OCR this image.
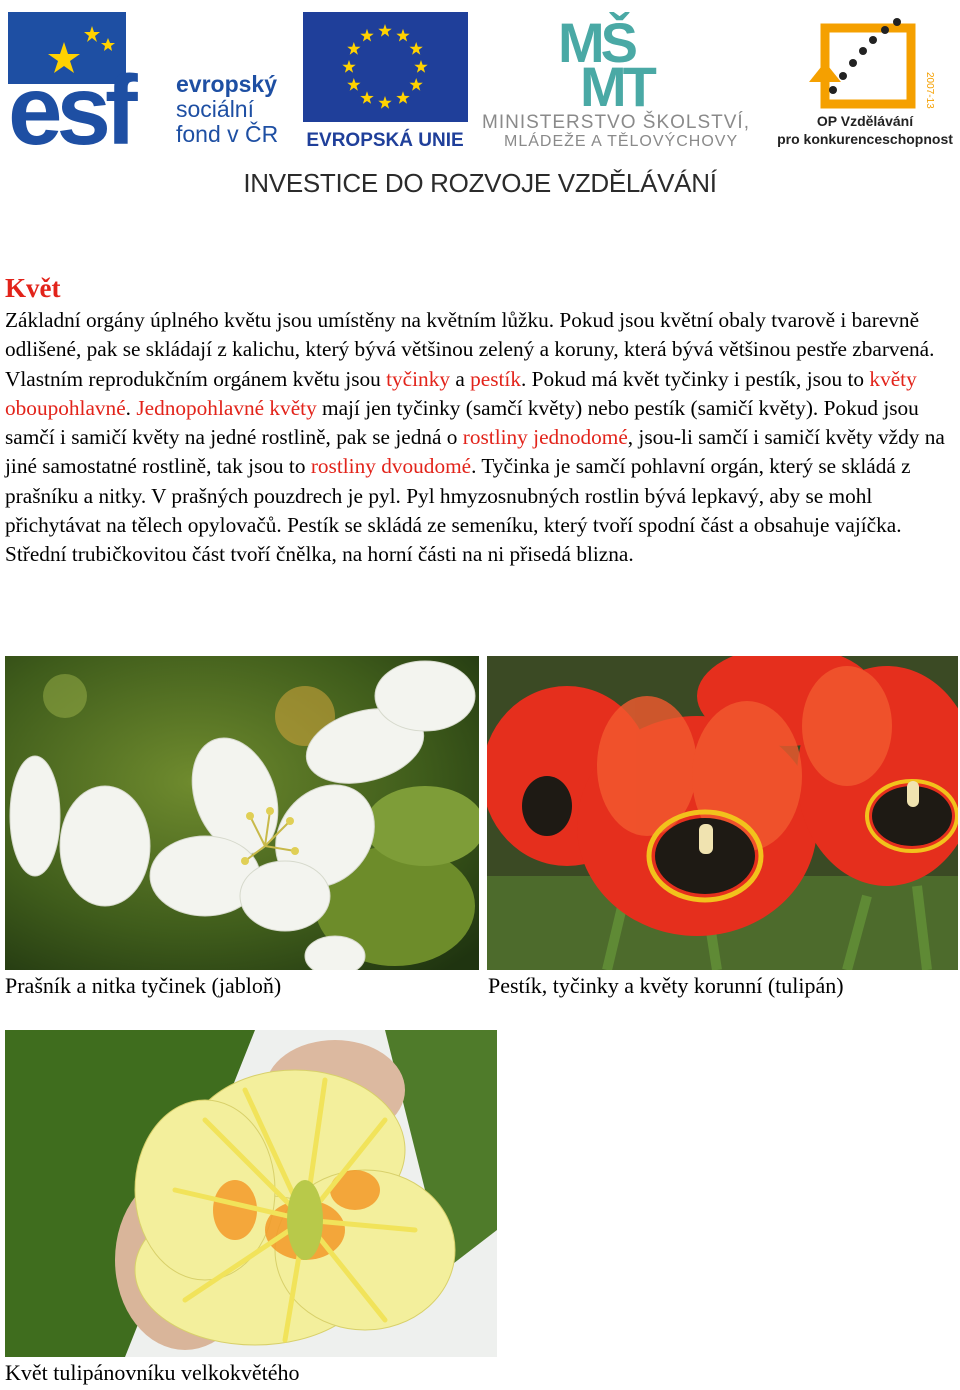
esf evropský
sociální
fond v ČR EVROPSKÁ UNIE
MŠ
MT
MINISTERSTVO ŠKOLSTVÍ,
MLÁDEŽE A TĚLOVÝCHOVY
2007-13
OP Vzdělávání
pro konkurenceschopnost
INVESTICE DO ROZVOJE VZDĚLÁVÁNÍ
Květ

Základní orgány úplného květu jsou umístěny na květním lůžku. Pokud jsou květní obaly tvarově i barevně odlišené, pak se skládají z kalichu, který bývá většinou zelený a koruny, která bývá většinou pestře zbarvená. Vlastním reprodukčním orgánem květu jsou tyčinky a pestík. Pokud má květ tyčinky i pestík, jsou to květy oboupohlavné. Jednopohlavné květy mají jen tyčinky (samčí květy) nebo pestík (samičí květy). Pokud jsou samčí i samičí květy na jedné rostlině, pak se jedná o rostliny jednodomé, jsou-li samčí i samičí květy vždy na jiné samostatné rostlině, tak jsou to rostliny dvoudomé. Tyčinka je samčí pohlavní orgán, který se skládá z prašníku a nitky. V prašných pouzdrech je pyl. Pyl hmyzosnubných rostlin bývá lepkavý, aby se mohl přichytávat na tělech opylovačů. Pestík se skládá ze semeníku, který tvoří spodní část a obsahuje vajíčka. Střední trubičkovitou část tvoří čnělka, na horní části na ni přisedá blizna.

Prašník a nitka tyčinek (jabloň)	Pestík, tyčinky a květy korunní (tulipán)
Květ tulipánovníku velkokvětého
